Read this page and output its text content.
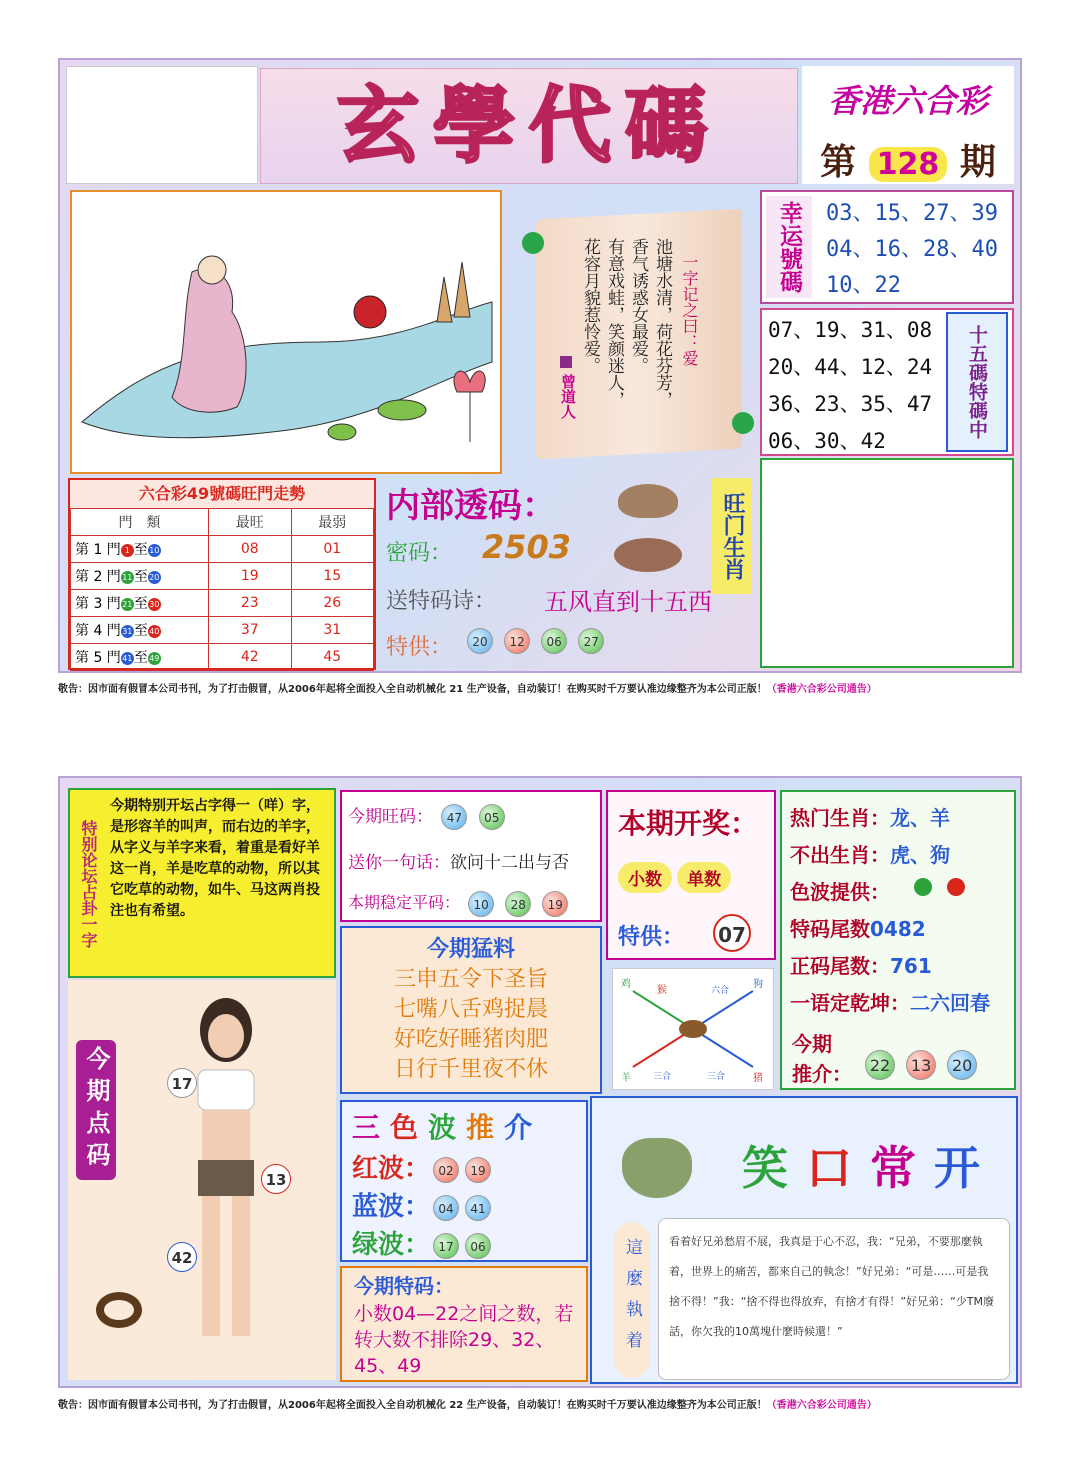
玄學代碼	香港六合彩
第 128 期
一字记之曰：爱
池塘水清，荷花芬芳，
香气诱惑女最爱。
有意戏蛙，笑颜迷人，
花容月貌惹怜爱。
曾道人
幸运號碼	03、15、27、39
04、16、28、40
10、22
07、19、31、08
20、44、12、24
36、23、35、47
06、30、42
十五碼特碼中
六合彩49號碼旺門走勢
門　類	最旺	最弱
第 1 門 1 至10	08	01
第 2 門11至20	19	15
第 3 門21至30	23	26
第 4 門31至40	37	31
第 5 門41至49	42	45
内部透码：
密码： 2503
送特码诗： 五风直到十五西
特供：	20 12 06 27
旺门生肖
敬告：因市面有假冒本公司书刊，为了打击假冒，从2006年起将全面投入全自动机械化 21 生产设备，自动装订！在购买时千万要认准边缘整齐为本公司正版！（香港六合彩公司通告）
特别论坛占卦一字
今期特别开坛占字得一（咩）字，是形容羊的叫声，而右边的羊字，从字义与羊字来看，着重是看好羊这一肖，羊是吃草的动物，所以其它吃草的动物，如牛、马这两肖投注也有希望。
今期点码	17
13
42
今期旺码： 47 05
送你一句话：欲问十二出与否
本期稳定平码： 10 28 19
本期开奖：
小数 单数
特供： 07
热门生肖：龙、羊
不出生肖：虎、狗
色波提供：
特码尾数0482
正码尾数：761
一语定乾坤：二六回春

今期
推介：	22 13 20
今期猛料
三申五令下圣旨
七嘴八舌鸡捉晨
好吃好睡猪肉肥
日行千里夜不休
鸡
猴	六合
狗
羊 三合	三合	猪
三色波推介
红波： 02 19
蓝波： 04 41
绿波： 17 06
今期特码：
小数04—22之间之数，若转大数不排除29、32、45、49
笑口常开
這麼執着	看着好兄弟愁眉不展，我真是于心不忍，我：“兄弟，不要那麼執着，世界上的痛苦，都來自己的執念！”好兄弟：“可是……可是我捨不得！”我：“捨不得也得放弃，有捨才有得！”好兄弟：“少TM廢話，你欠我的10萬塊什麼時候還！”
敬告：因市面有假冒本公司书刊，为了打击假冒，从2006年起将全面投入全自动机械化 22 生产设备，自动装订！在购买时千万要认准边缘整齐为本公司正版！（香港六合彩公司通告）
